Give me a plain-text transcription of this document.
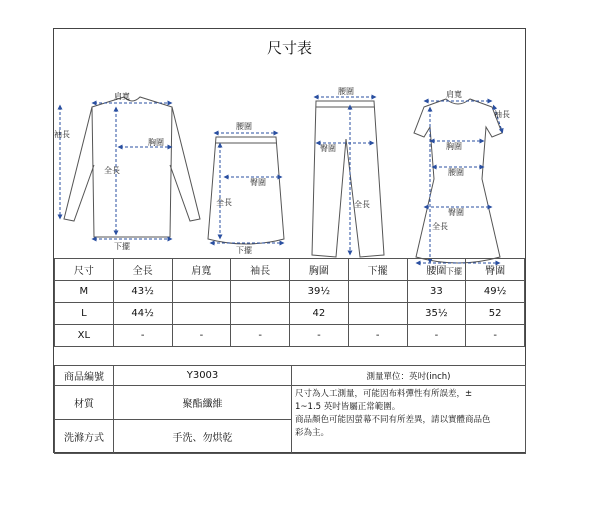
尺寸表
肩寬
胸圍
袖長
全長
下擺
腰圍
臀圍
全長
下擺
腰圍
臀圍
全長
肩寬
袖長
胸圍
腰圍
臀圍
全長
下擺
尺寸	全長	肩寬	袖長	胸圍	下擺	腰圍	臀圍
M	43½			39½		33	49½
L	44½			42		35½	52
XL	-	-	-	-	-	-	-
商品編號	Y3003	測量單位：英吋(inch)
材質	聚酯纖維	尺寸為人工測量，可能因布料彈性有所誤差，±
1~1.5 英吋皆屬正常範圍。
商品顏色可能因螢幕不同有所差異，請以實體商品色
彩為主。

洗滌方式	手洗、勿烘乾	
